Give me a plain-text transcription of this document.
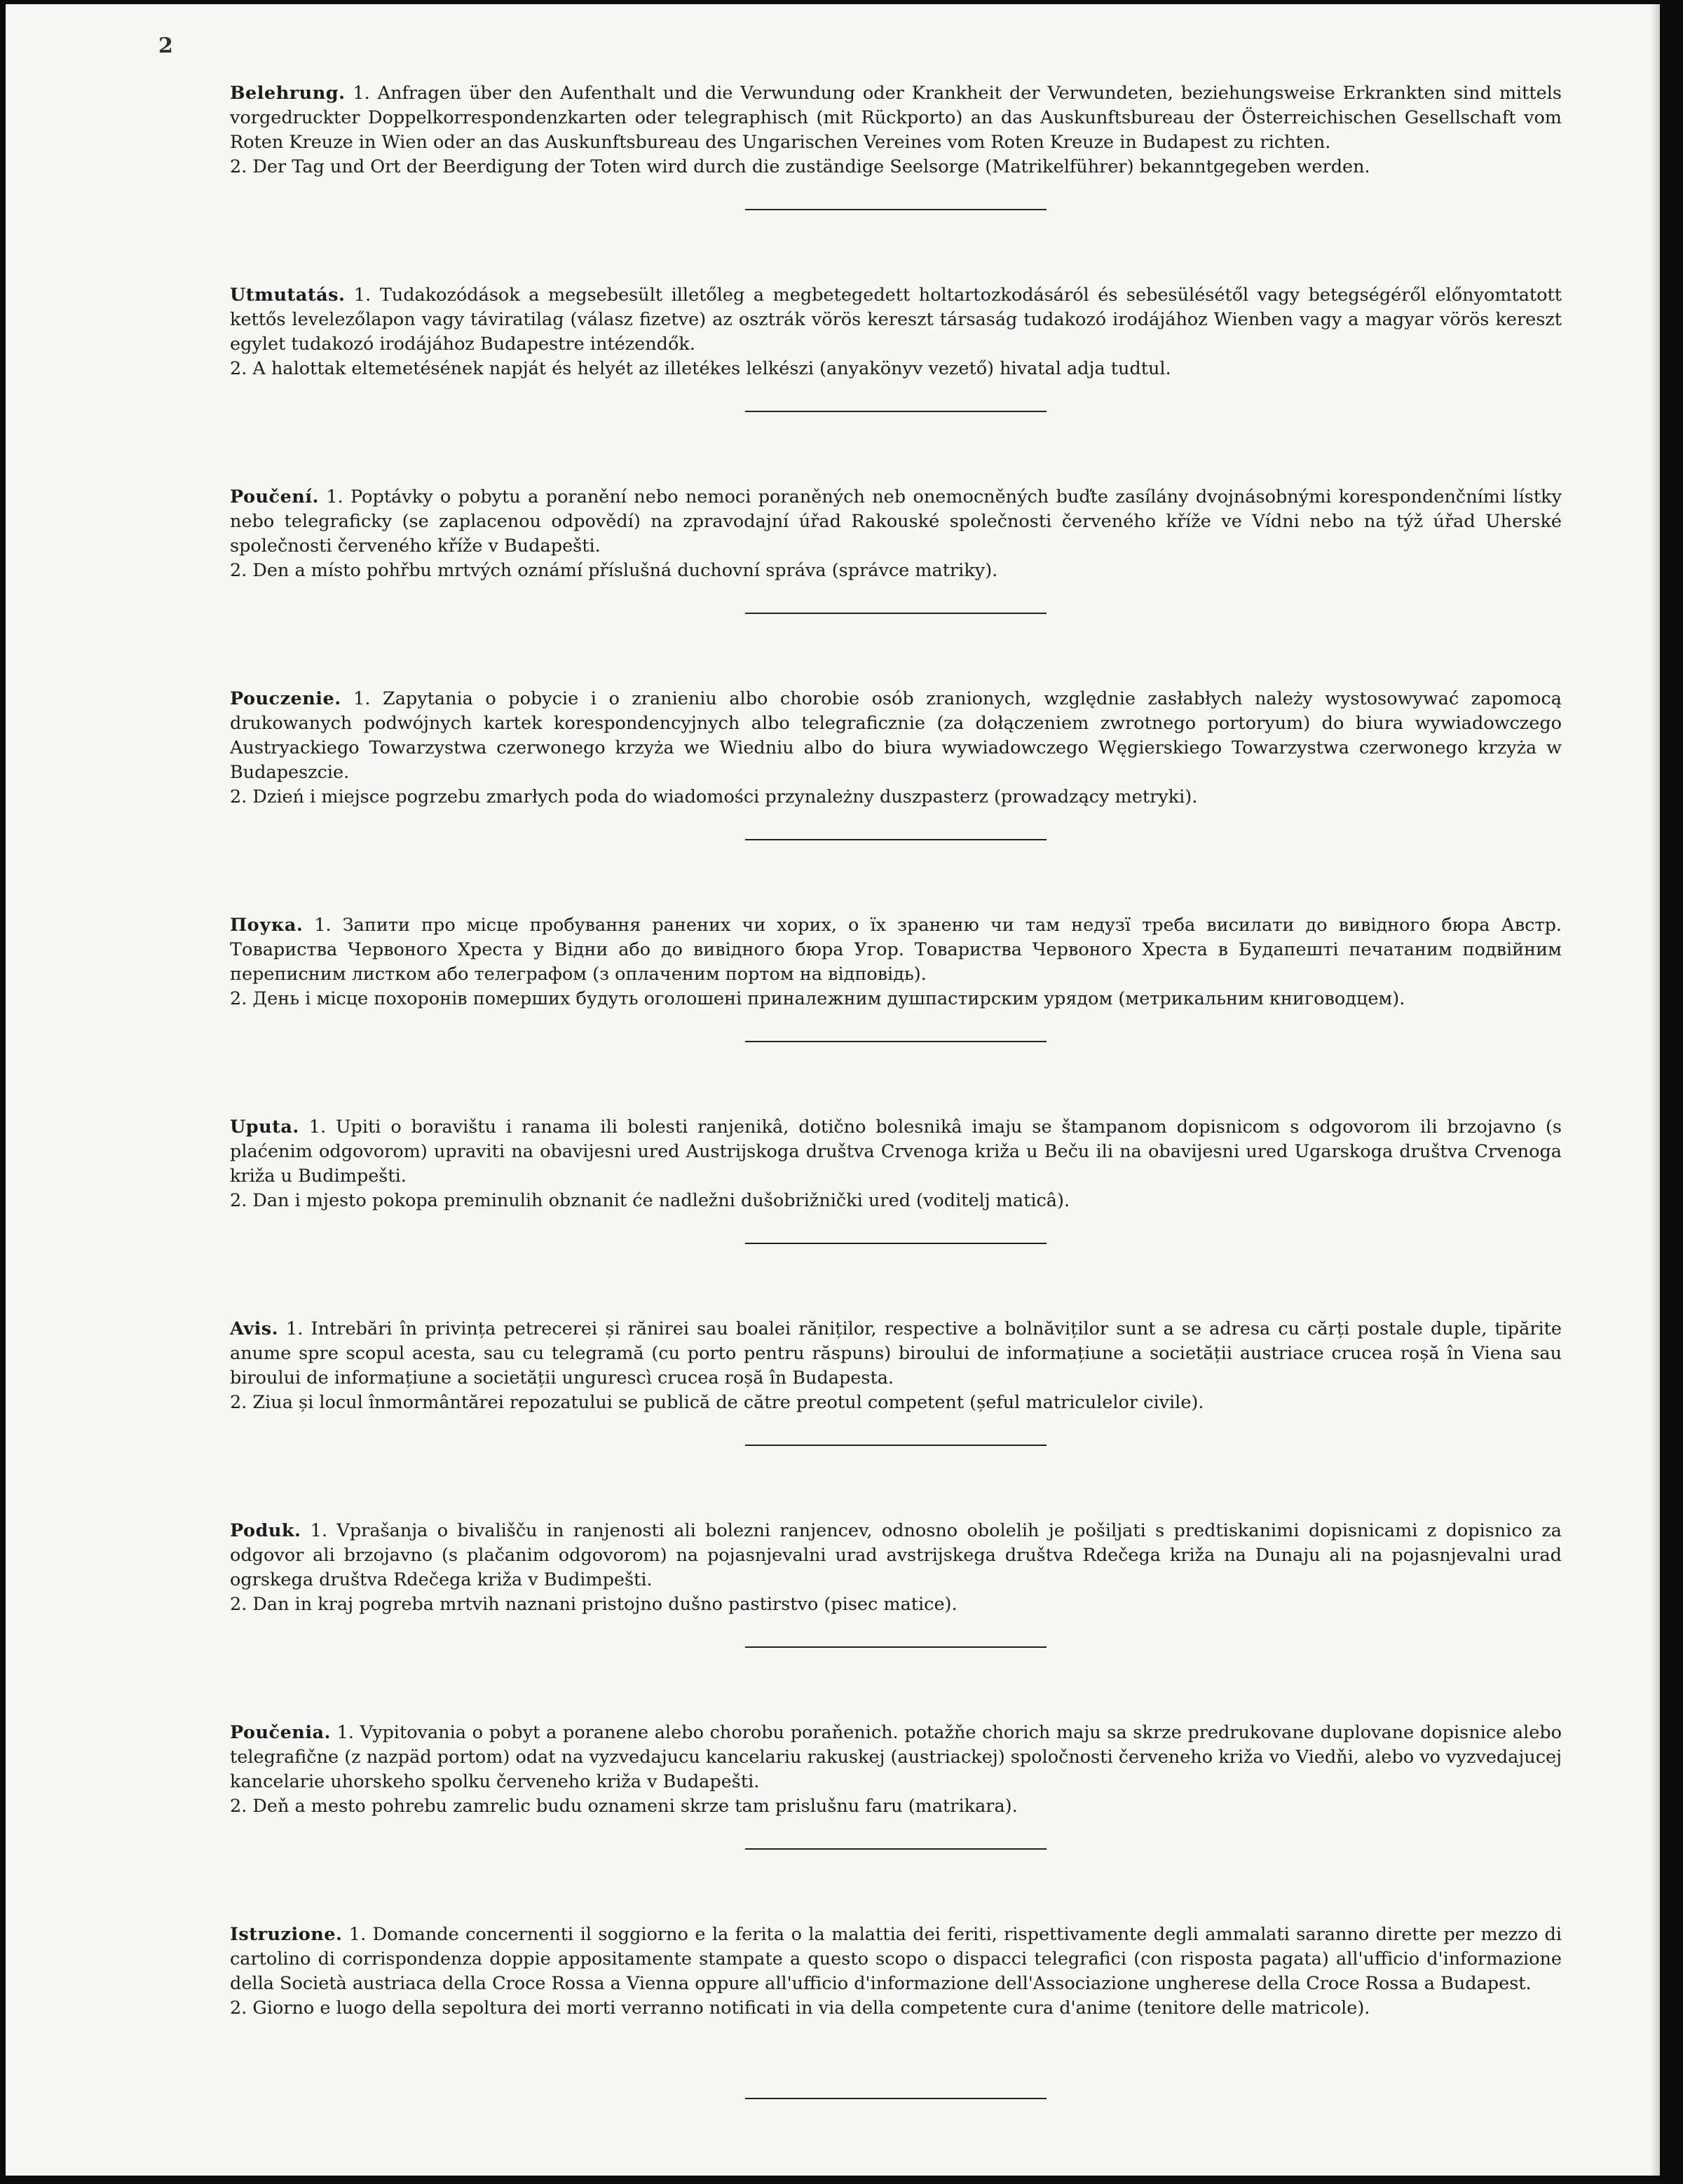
2

Belehrung. 1. Anfragen über den Aufenthalt und die Verwundung oder Krankheit der Verwundeten, beziehungsweise Erkrankten sind mittels vorgedruckter Doppelkorrespondenzkarten oder telegraphisch (mit Rückporto) an das Auskunftsbureau der Österreichischen Gesellschaft vom Roten Kreuze in Wien oder an das Auskunftsbureau des Ungarischen Vereines vom Roten Kreuze in Budapest zu richten.

2. Der Tag und Ort der Beerdigung der Toten wird durch die zuständige Seelsorge (Matrikelführer) bekanntgegeben werden.

Utmutatás. 1. Tudakozódások a megsebesült illetőleg a megbetegedett holtartozkodásáról és sebesülésétől vagy betegségéről előnyomtatott kettős levelezőlapon vagy táviratilag (válasz fizetve) az osztrák vörös kereszt társaság tudakozó irodájához Wienben vagy a magyar vörös kereszt egylet tudakozó irodájához Budapestre intézendők.

2. A halottak eltemetésének napját és helyét az illetékes lelkészi (anyakönyv vezető) hivatal adja tudtul.

Poučení. 1. Poptávky o pobytu a poranění nebo nemoci poraněných neb onemocněných buďte zasílány dvojnásobnými korespondenčními lístky nebo telegraficky (se zaplacenou odpovědí) na zpravodajní úřad Rakouské společnosti červeného kříže ve Vídni nebo na týž úřad Uherské společnosti červeného kříže v Budapešti.

2. Den a místo pohřbu mrtvých oznámí příslušná duchovní správa (správce matriky).

Pouczenie. 1. Zapytania o pobycie i o zranieniu albo chorobie osób zranionych, względnie zasłabłych należy wystosowywać zapomocą drukowanych podwójnych kartek korespondencyjnych albo telegraficznie (za dołączeniem zwrotnego portoryum) do biura wywiadowczego Austryackiego Towarzystwa czerwonego krzyża we Wiedniu albo do biura wywiadowczego Węgierskiego Towarzystwa czerwonego krzyża w Budapeszcie.

2. Dzień i miejsce pogrzebu zmarłych poda do wiadomości przynależny duszpasterz (prowadzący metryki).

Поука. 1. Запити про місце пробування ранених чи хорих, о їх зраненю чи там недузї треба висилати до вивідного бюра Австр. Товариства Червоного Хреста у Відни або до вивідного бюра Угор. Товариства Червоного Хреста в Будапешті печатаним подвійним переписним листком або телеграфом (з оплаченим портом на відповідь).

2. День і місце похоронів померших будуть оголошені приналежним душпастирским урядом (метрикальним книговодцем).

Uputa. 1. Upiti o boravištu i ranama ili bolesti ranjenikâ, dotično bolesnikâ imaju se štampanom dopisnicom s odgovorom ili brzojavno (s plaćenim odgovorom) upraviti na obavijesni ured Austrijskoga društva Crvenoga križa u Beču ili na obavijesni ured Ugarskoga društva Crvenoga križa u Budimpešti.

2. Dan i mjesto pokopa preminulih obznanit će nadležni dušobrižnički ured (voditelj maticâ).

Avis. 1. Intrebări în privința petrecerei și rănirei sau boalei răniților, respective a bolnăviților sunt a se adresa cu cărți postale duple, tipărite anume spre scopul acesta, sau cu telegramă (cu porto pentru răspuns) biroului de informațiune a societății austriace crucea roșă în Viena sau biroului de informațiune a societății ungurescì crucea roșă în Budapesta.

2. Ziua și locul înmormântărei repozatului se publică de către preotul competent (șeful matriculelor civile).

Poduk. 1. Vprašanja o bivališču in ranjenosti ali bolezni ranjencev, odnosno obolelih je pošiljati s predtiskanimi dopisnicami z dopisnico za odgovor ali brzojavno (s plačanim odgovorom) na pojasnjevalni urad avstrijskega društva Rdečega križa na Dunaju ali na pojasnjevalni urad ogrskega društva Rdečega križa v Budimpešti.

2. Dan in kraj pogreba mrtvih naznani pristojno dušno pastirstvo (pisec matice).

Poučenia. 1. Vypitovania o pobyt a poranene alebo chorobu poraňenich. potažňe chorich maju sa skrze predrukovane duplovane dopisnice alebo telegrafične (z nazpäd portom) odat na vyzvedajucu kancelariu rakuskej (austriackej) spoločnosti červeneho križa vo Viedňi, alebo vo vyzvedajucej kancelarie uhorskeho spolku červeneho križa v Budapešti.

2. Deň a mesto pohrebu zamrelic budu oznameni skrze tam prislušnu faru (matrikara).

Istruzione. 1. Domande concernenti il soggiorno e la ferita o la malattia dei feriti, rispettivamente degli ammalati saranno dirette per mezzo di cartolino di corrispondenza doppie appositamente stampate a questo scopo o dispacci telegrafici (con risposta pagata) all'ufficio d'informazione della Società austriaca della Croce Rossa a Vienna oppure all'ufficio d'informazione dell'Associazione ungherese della Croce Rossa a Budapest.

2. Giorno e luogo della sepoltura dei morti verranno notificati in via della competente cura d'anime (tenitore delle matricole).
